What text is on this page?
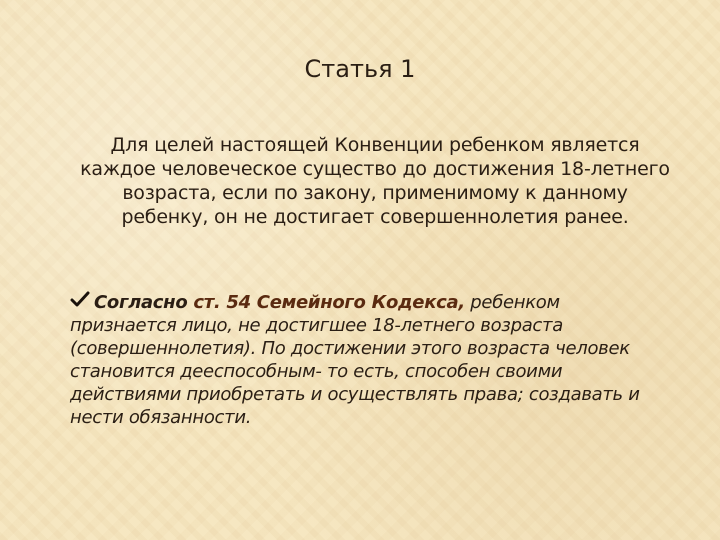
Статья 1
Для целей настоящей Конвенции ребенком является каждое человеческое существо до достижения 18-летнего возраста, если по закону, применимому к данному ребенку, он не достигает совершеннолетия ранее.
Согласно ст. 54 Семейного Кодекса, ребенком признается лицо, не достигшее 18-летнего возраста (совершеннолетия). По достижении этого возраста человек становится дееспособным- то есть, способен своими действиями приобретать и осуществлять права; создавать и нести обязанности.
